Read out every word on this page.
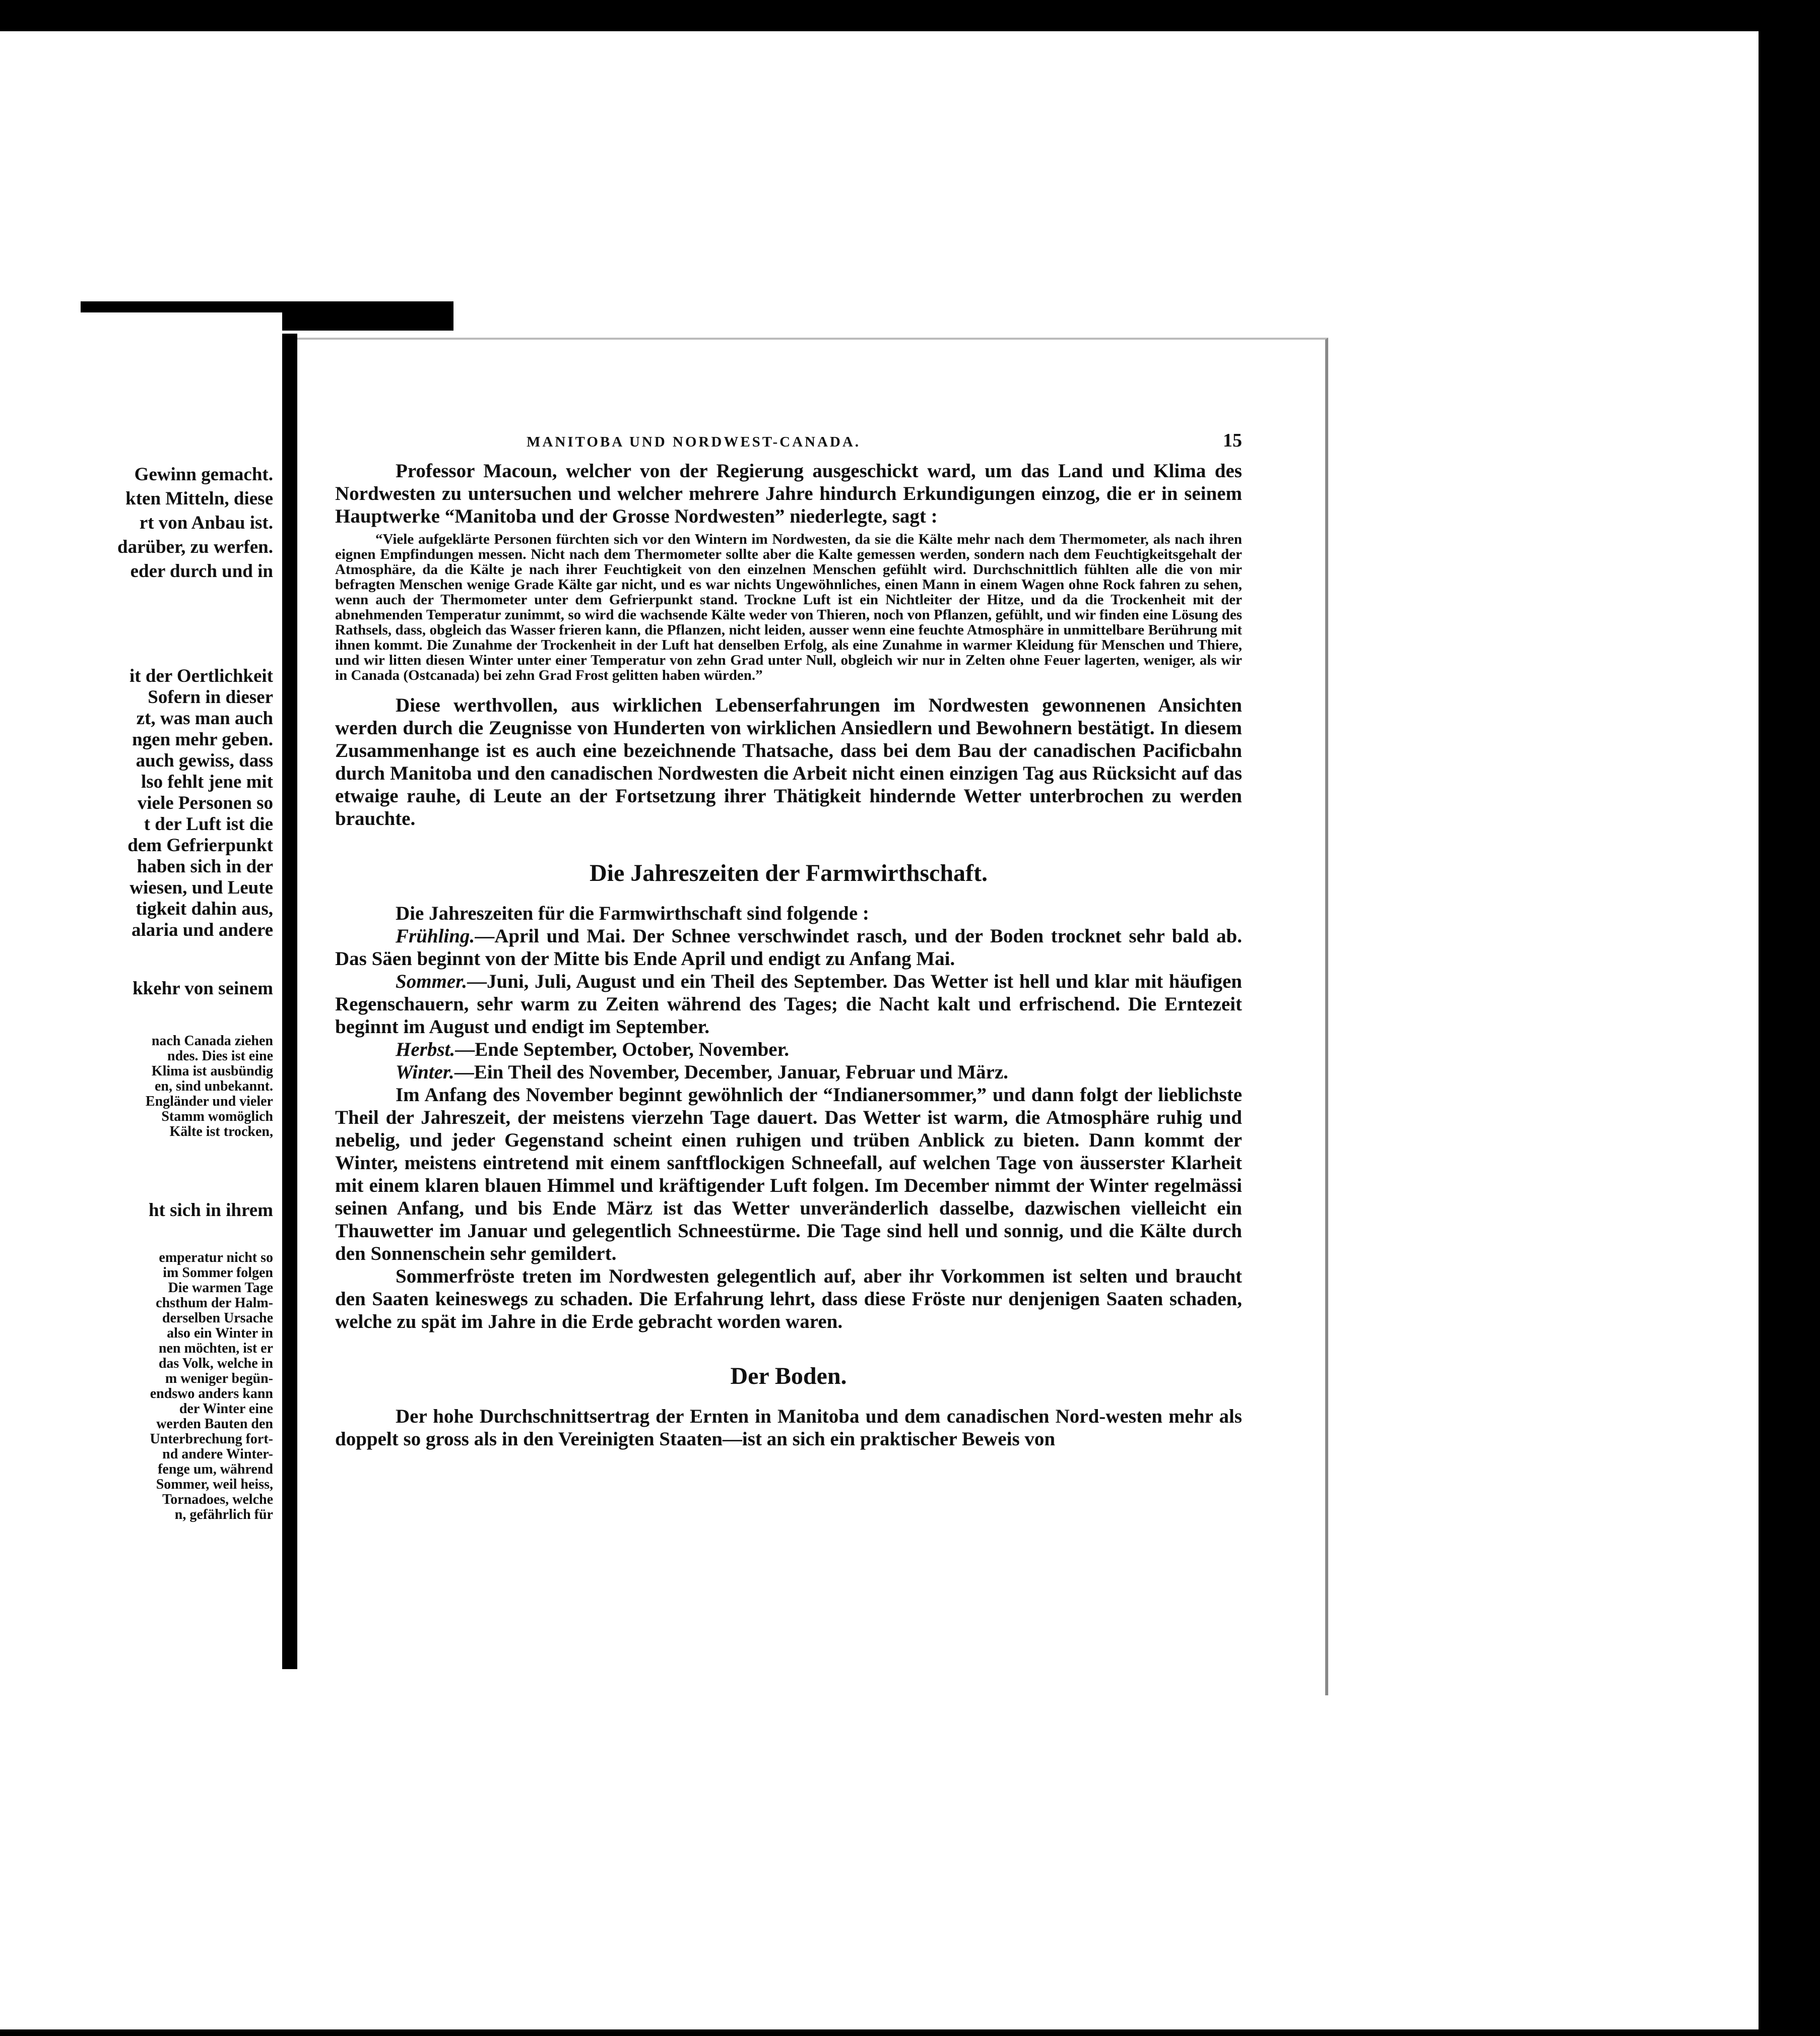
Gewinn gemacht.
kten Mitteln, diese
rt von Anbau ist.
darüber, zu werfen.
eder durch und in
it der Oertlichkeit
Sofern in dieser
zt, was man auch
ngen mehr geben.
auch gewiss, dass
lso fehlt jene mit
viele Personen so
t der Luft ist die
dem Gefrierpunkt
haben sich in der
wiesen, und Leute
tigkeit dahin aus,
alaria und andere
kkehr von seinem
nach Canada ziehen
ndes. Dies ist eine
Klima ist ausbündig
en, sind unbekannt.
Engländer und vieler
Stamm womöglich
Kälte ist trocken,
ht sich in ihrem
emperatur nicht so
im Sommer folgen
Die warmen Tage
chsthum der Halm-
derselben Ursache
also ein Winter in
nen möchten, ist er
das Volk, welche in
m weniger begün-
endswo anders kann
der Winter eine
werden Bauten den
Unterbrechung fort-
nd andere Winter-
fenge um, während
Sommer, weil heiss,
Tornadoes, welche
n, gefährlich für
MANITOBA UND NORDWEST-CANADA.	15

Professor Macoun, welcher von der Regierung ausgeschickt ward, um das Land und Klima des Nordwesten zu untersuchen und welcher mehrere Jahre hindurch Erkundigungen einzog, die er in seinem Hauptwerke “Manitoba und der Grosse Nordwesten” niederlegte, sagt :

“Viele aufgeklärte Personen fürchten sich vor den Wintern im Nordwesten, da sie die Kälte mehr nach dem Thermometer, als nach ihren eignen Empfindungen messen. Nicht nach dem Thermometer sollte aber die Kalte gemessen werden, sondern nach dem Feuchtigkeitsgehalt der Atmosphäre, da die Kälte je nach ihrer Feuchtigkeit von den einzelnen Menschen gefühlt wird. Durchschnittlich fühlten alle die von mir befragten Menschen wenige Grade Kälte gar nicht, und es war nichts Ungewöhnliches, einen Mann in einem Wagen ohne Rock fahren zu sehen, wenn auch der Thermometer unter dem Gefrierpunkt stand. Trockne Luft ist ein Nichtleiter der Hitze, und da die Trockenheit mit der abnehmenden Temperatur zunimmt, so wird die wachsende Kälte weder von Thieren, noch von Pflanzen, gefühlt, und wir finden eine Lösung des Rathsels, dass, obgleich das Wasser frieren kann, die Pflanzen, nicht leiden, ausser wenn eine feuchte Atmosphäre in unmittelbare Berührung mit ihnen kommt. Die Zunahme der Trockenheit in der Luft hat denselben Erfolg, als eine Zunahme in warmer Kleidung für Menschen und Thiere, und wir litten diesen Winter unter einer Temperatur von zehn Grad unter Null, obgleich wir nur in Zelten ohne Feuer lagerten, weniger, als wir in Canada (Ostcanada) bei zehn Grad Frost gelitten haben würden.”

Diese werthvollen, aus wirklichen Lebenserfahrungen im Nordwesten gewonnenen Ansichten werden durch die Zeugnisse von Hunderten von wirklichen Ansiedlern und Bewohnern bestätigt. In diesem Zusammenhange ist es auch eine bezeichnende Thatsache, dass bei dem Bau der canadischen Pacificbahn durch Manitoba und den canadischen Nordwesten die Arbeit nicht einen einzigen Tag aus Rücksicht auf das etwaige rauhe, di Leute an der Fortsetzung ihrer Thätigkeit hindernde Wetter unterbrochen zu werden brauchte.

Die Jahreszeiten der Farmwirthschaft.

Die Jahreszeiten für die Farmwirthschaft sind folgende :

Frühling.—April und Mai. Der Schnee verschwindet rasch, und der Boden trocknet sehr bald ab. Das Säen beginnt von der Mitte bis Ende April und endigt zu Anfang Mai.

Sommer.—Juni, Juli, August und ein Theil des September. Das Wetter ist hell und klar mit häufigen Regenschauern, sehr warm zu Zeiten während des Tages; die Nacht kalt und erfrischend. Die Erntezeit beginnt im August und endigt im September.

Herbst.—Ende September, October, November.

Winter.—Ein Theil des November, December, Januar, Februar und März.

Im Anfang des November beginnt gewöhnlich der “Indianersommer,” und dann folgt der lieblichste Theil der Jahreszeit, der meistens vierzehn Tage dauert. Das Wetter ist warm, die Atmosphäre ruhig und nebelig, und jeder Gegenstand scheint einen ruhigen und trüben Anblick zu bieten. Dann kommt der Winter, meistens eintretend mit einem sanftflockigen Schneefall, auf welchen Tage von äusserster Klarheit mit einem klaren blauen Himmel und kräftigender Luft folgen. Im December nimmt der Winter regelmässi seinen Anfang, und bis Ende März ist das Wetter unveränderlich dasselbe, dazwischen vielleicht ein Thauwetter im Januar und gelegentlich Schneestürme. Die Tage sind hell und sonnig, und die Kälte durch den Sonnenschein sehr gemildert.

Sommerfröste treten im Nordwesten gelegentlich auf, aber ihr Vorkommen ist selten und braucht den Saaten keineswegs zu schaden. Die Erfahrung lehrt, dass diese Fröste nur denjenigen Saaten schaden, welche zu spät im Jahre in die Erde gebracht worden waren.

Der Boden.

Der hohe Durchschnittsertrag der Ernten in Manitoba und dem canadischen Nord-westen mehr als doppelt so gross als in den Vereinigten Staaten—ist an sich ein praktischer Beweis von
